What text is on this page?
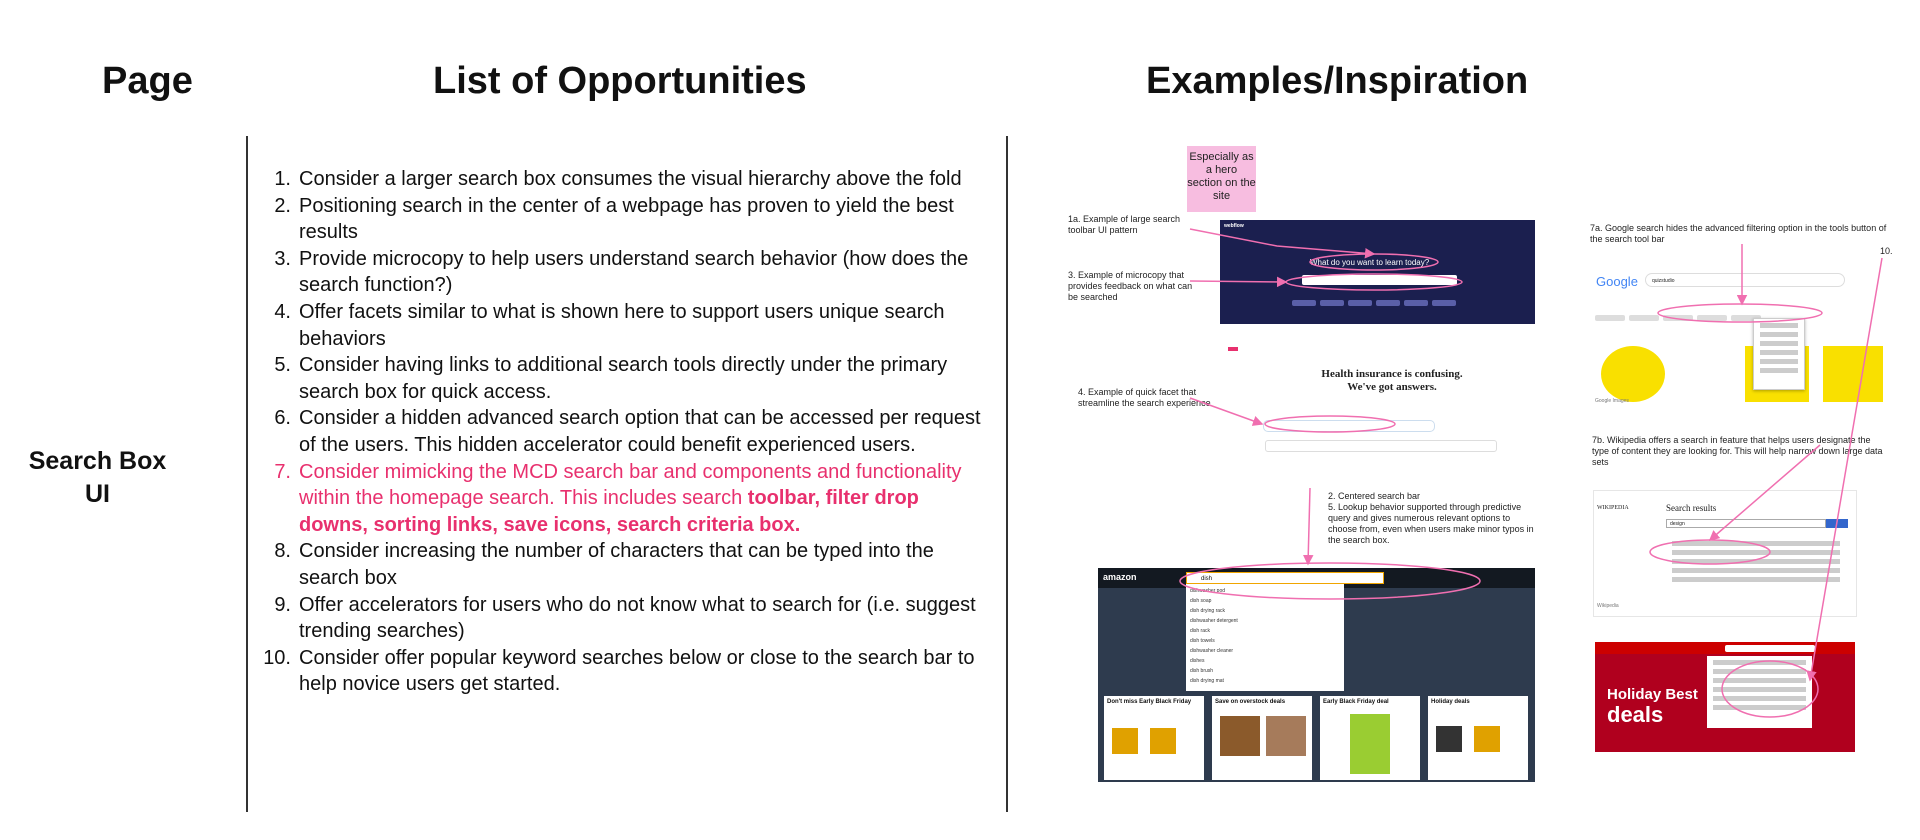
Page	List of Opportunities	Examples/Inspiration
Search Box
UI
1. Consider a larger search box consumes the visual hierarchy above the fold
2. Positioning search in the center of a webpage has proven to yield the best results
3. Provide microcopy to help users understand search behavior (how does the search function?)
4. Offer facets similar to what is shown here to support users unique search behaviors
5. Consider having links to additional search tools directly under the primary search box for quick access.
6. Consider a hidden advanced search option that can be accessed per request of the users. This hidden accelerator could benefit experienced users.
7. Consider mimicking the MCD search bar and components and functionality within the homepage search. This includes search toolbar, filter drop downs, sorting links, save icons, search criteria box.
8. Consider increasing the number of characters that can be typed into the search box
9. Offer accelerators for users who do not know what to search for (i.e. suggest trending searches)
10. Consider offer popular keyword searches below or close to the search bar to help novice users get started.
Especially as a hero section on the site
1a. Example of large search toolbar UI pattern
3. Example of microcopy that provides feedback on what can be searched
4. Example of quick facet that streamline the search experience
2. Centered search bar
5. Lookup behavior supported through predictive query and gives numerous relevant options to choose from, even when users make minor typos in the search box.
7a. Google search hides the advanced filtering option in the tools button of the search tool bar
7b. Wikipedia offers a search in feature that helps users designate the type of content they are looking for. This will help narrow down large data sets
10.
webflow
What do you want to learn today?
Health insurance is confusing.
We've got answers.
amazon	dish
dishwasher pod
dish soap
dish drying rack
dishwasher detergent
dish rack
dish towels
dishwasher cleaner
dishes
dish brush
dish drying mat
Don't miss Early Black Friday	Save on overstock deals	Early Black Friday deal	Holiday deals
Google	quizstudio
Google Images
WIKIPEDIA	Search results
design
Wikipedia
Holiday Best
deals
